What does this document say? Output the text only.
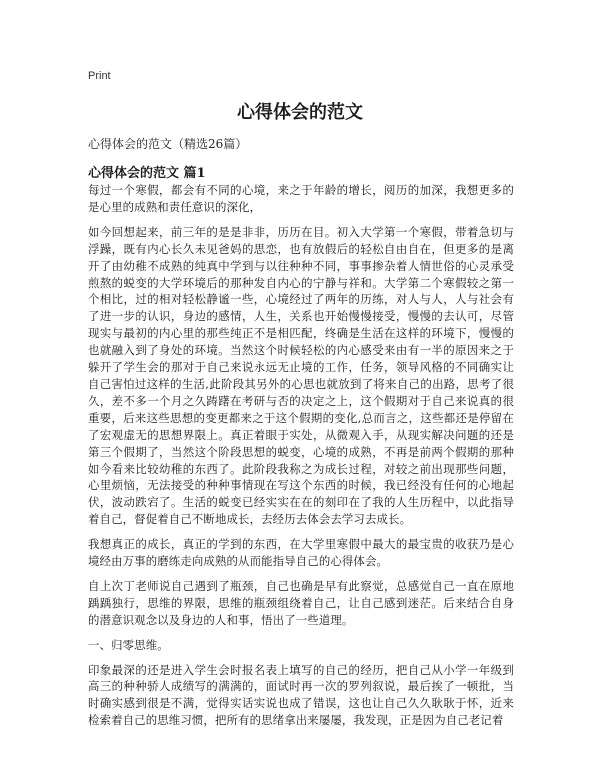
Print
心得体会的范文
心得体会的范文（精选26篇）
心得体会的范文 篇1

每过一个寒假，都会有不同的心境，来之于年龄的增长，阅历的加深，我想更多的是心里的成熟和责任意识的深化，

如今回想起来，前三年的是是非非，历历在目。初入大学第一个寒假，带着急切与浮躁，既有内心长久未见爸妈的思恋，也有放假后的轻松自由自在，但更多的是离开了由幼稚不成熟的纯真中学到与以往种种不同，事事掺杂着人情世俗的心灵承受煎熬的蜕变的大学环境后的那种发自内心的宁静与祥和。大学第二个寒假较之第一个相比，过的相对轻松静谧一些，心境经过了两年的历练，对人与人，人与社会有了进一步的认识，身边的感情，人生，关系也开始慢慢接受，慢慢的去认可，尽管现实与最初的内心里的那些纯正不是相匹配，终确是生活在这样的环境下，慢慢的也就融入到了身处的环境。当然这个时候轻松的内心感受来由有一半的原因来之于躲开了学生会的那对于自己来说永远无止境的工作，任务，领导风格的不同确实让自己害怕过这样的生活,此阶段其另外的心思也就放到了将来自己的出路，思考了很久，差不多一个月之久踌躇在考研与否的决定之上，这个假期对于自己来说真的很重要，后来这些思想的变更都来之于这个假期的变化,总而言之，这些都还是停留在了宏观虚无的思想界限上。真正着眼于实处，从微观入手，从现实解决问题的还是第三个假期了，当然这个阶段思想的蜕变，心境的成熟，不再是前两个假期的那种如今看来比较幼稚的东西了。此阶段我称之为成长过程，对较之前出现那些问题，心里烦恼，无法接受的种种事情现在写这个东西的时候，我已经没有任何的心地起伏，波动跌宕了。生活的蜕变已经实实在在的刻印在了我的人生历程中，以此指导着自己，督促着自己不断地成长，去经历去体会去学习去成长。

我想真正的成长，真正的学到的东西，在大学里寒假中最大的最宝贵的收获乃是心境经由万事的磨练走向成熟的从而能指导自己的心得体会。

自上次丁老师说自己遇到了瓶颈，自己也确是早有此察觉，总感觉自己一直在原地踽踽独行，思维的界限，思维的瓶颈组绕着自己，让自己感到迷茫。后来结合自身的潜意识观念以及身边的人和事，悟出了一些道理。

一、归零思维。

印象最深的还是进入学生会时报名表上填写的自己的经历，把自己从小学一年级到高三的种种骄人成绩写的满满的，面试时再一次的罗列叙说，最后挨了一顿批，当时确实感到很是不满，觉得实话实说也成了错误，这也让自己久久耿耿于怀，近来检索着自己的思维习惯，把所有的思绪拿出来屡屡，我发现，正是因为自己老记着
